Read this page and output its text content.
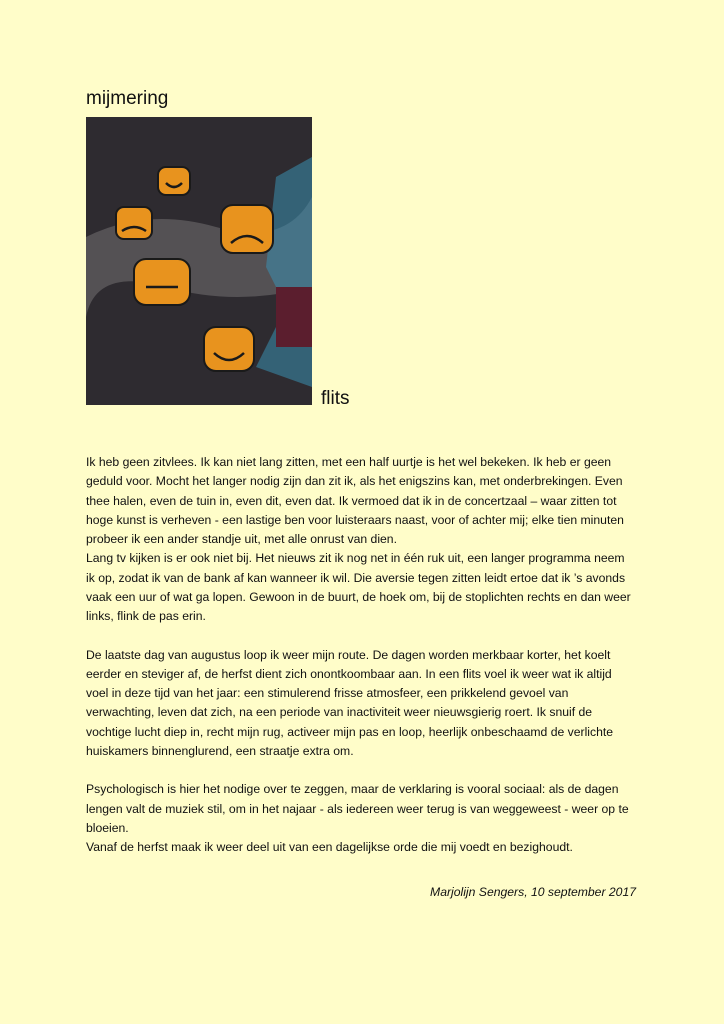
mijmering
flits
Ik heb geen zitvlees. Ik kan niet lang zitten, met een half uurtje is het wel bekeken. Ik heb er geen
geduld voor. Mocht het langer nodig zijn dan zit ik, als het enigszins kan, met onderbrekingen. Even
thee halen, even de tuin in, even dit, even dat. Ik vermoed dat ik in de concertzaal – waar zitten tot
hoge kunst is verheven - een lastige ben voor luisteraars naast, voor of achter mij; elke tien minuten
probeer ik een ander standje uit, met alle onrust van dien.
Lang tv kijken is er ook niet bij. Het nieuws zit ik nog net in één ruk uit, een langer programma neem
ik op, zodat ik van de bank af kan wanneer ik wil. Die aversie tegen zitten leidt ertoe dat ik ’s avonds
vaak een uur of wat ga lopen. Gewoon in de buurt, de hoek om, bij de stoplichten rechts en dan weer
links, flink de pas erin.
De laatste dag van augustus loop ik weer mijn route. De dagen worden merkbaar korter, het koelt
eerder en steviger af, de herfst dient zich onontkoombaar aan. In een flits voel ik weer wat ik altijd
voel in deze tijd van het jaar: een stimulerend frisse atmosfeer, een prikkelend gevoel van
verwachting, leven dat zich, na een periode van inactiviteit weer nieuwsgierig roert. Ik snuif de
vochtige lucht diep in, recht mijn rug, activeer mijn pas en loop, heerlijk onbeschaamd de verlichte
huiskamers binnenglurend, een straatje extra om.
Psychologisch is hier het nodige over te zeggen, maar de verklaring is vooral sociaal: als de dagen
lengen valt de muziek stil, om in het najaar - als iedereen weer terug is van weggeweest - weer op te
bloeien.
Vanaf de herfst maak ik weer deel uit van een dagelijkse orde die mij voedt en bezighoudt.
Marjolijn Sengers, 10 september 2017
